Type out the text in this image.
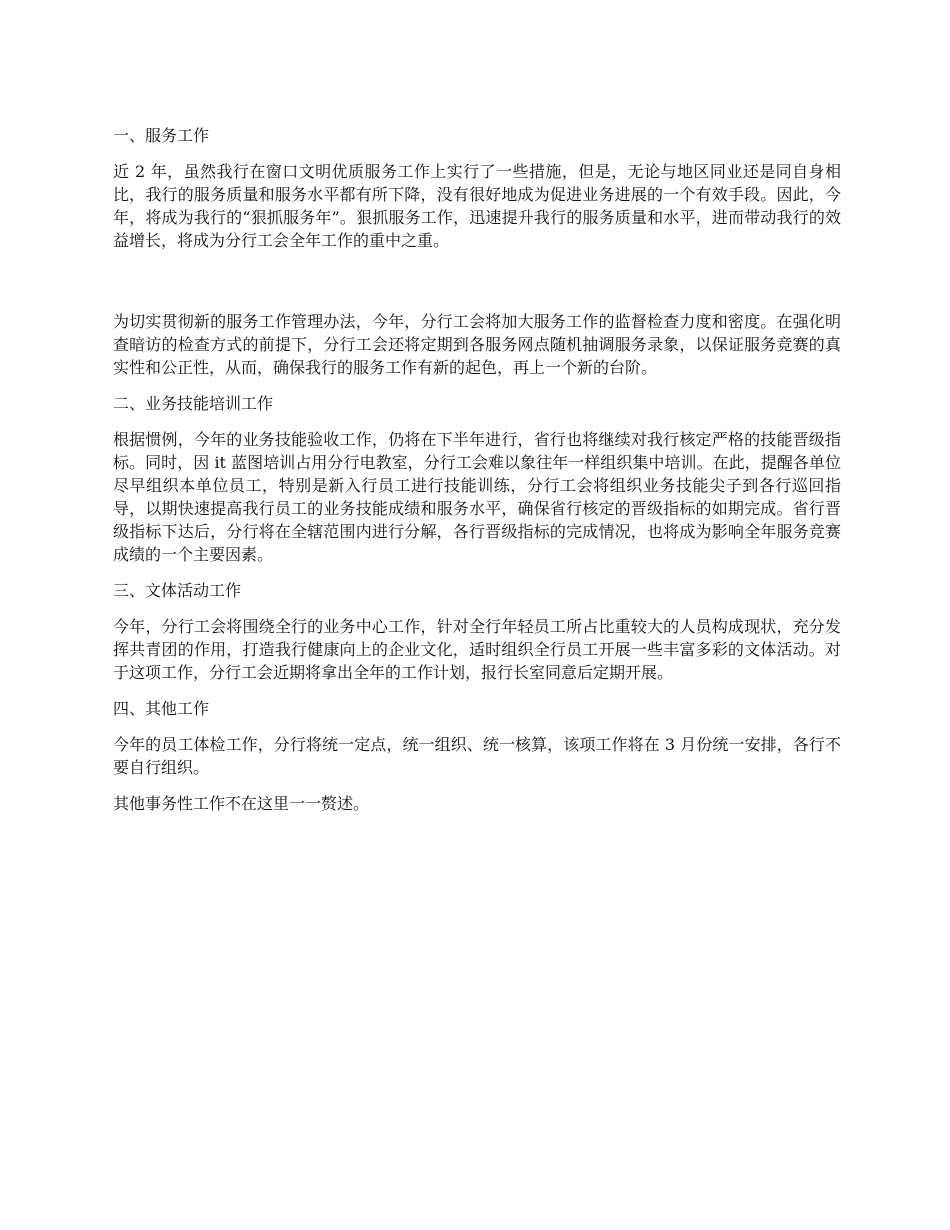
一、服务工作

近 2 年，虽然我行在窗口文明优质服务工作上实行了一些措施，但是，无论与地区同业还是同自身相比，我行的服务质量和服务水平都有所下降，没有很好地成为促进业务进展的一个有效手段。因此，今年，将成为我行的“狠抓服务年”。狠抓服务工作，迅速提升我行的服务质量和水平，进而带动我行的效益增长，将成为分行工会全年工作的重中之重。

为切实贯彻新的服务工作管理办法，今年，分行工会将加大服务工作的监督检查力度和密度。在强化明查暗访的检查方式的前提下，分行工会还将定期到各服务网点随机抽调服务录象，以保证服务竞赛的真实性和公正性，从而，确保我行的服务工作有新的起色，再上一个新的台阶。

二、业务技能培训工作

根据惯例，今年的业务技能验收工作，仍将在下半年进行，省行也将继续对我行核定严格的技能晋级指标。同时，因 it 蓝图培训占用分行电教室，分行工会难以象往年一样组织集中培训。在此，提醒各单位尽早组织本单位员工，特别是新入行员工进行技能训练，分行工会将组织业务技能尖子到各行巡回指导，以期快速提高我行员工的业务技能成绩和服务水平，确保省行核定的晋级指标的如期完成。省行晋级指标下达后，分行将在全辖范围内进行分解，各行晋级指标的完成情况，也将成为影响全年服务竞赛成绩的一个主要因素。

三、文体活动工作

今年，分行工会将围绕全行的业务中心工作，针对全行年轻员工所占比重较大的人员构成现状，充分发挥共青团的作用，打造我行健康向上的企业文化，适时组织全行员工开展一些丰富多彩的文体活动。对于这项工作，分行工会近期将拿出全年的工作计划，报行长室同意后定期开展。

四、其他工作

今年的员工体检工作，分行将统一定点，统一组织、统一核算，该项工作将在 3 月份统一安排，各行不要自行组织。

其他事务性工作不在这里一一赘述。
